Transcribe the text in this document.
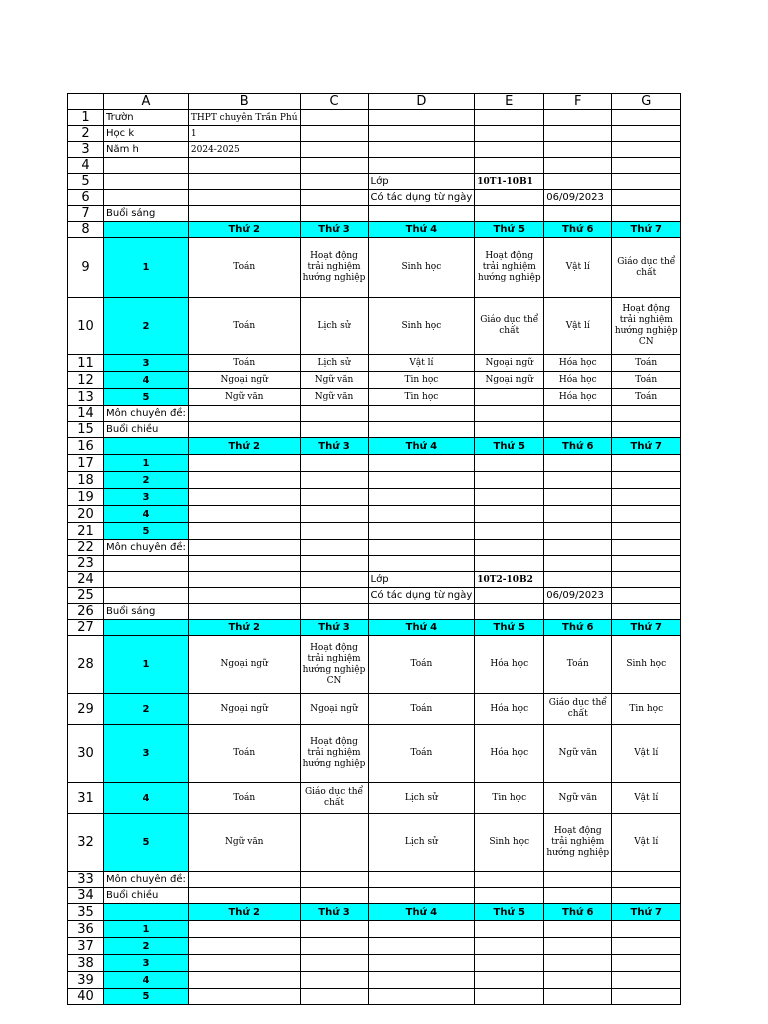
	A	B	C	D	E	F	G
1	Trườn	THPT chuyên Trần Phú					
2	Học k	1					
3	Năm h	2024-2025					
4							
5				Lớp	10T1-10B1		
6				Có tác dụng từ ngày		06/09/2023	
7	Buổi sáng						
8		Thứ 2	Thứ 3	Thứ 4	Thứ 5	Thứ 6	Thứ 7
9	1	Toán	Hoạt động trải nghiệm hướng nghiệp	Sinh học	Hoạt động trải nghiệm hướng nghiệp	Vật lí	Giáo dục thể chất
10	2	Toán	Lịch sử	Sinh học	Giáo dục thể chất	Vật lí	Hoạt động trải nghiệm hướng nghiệp CN
11	3	Toán	Lịch sử	Vật lí	Ngoại ngữ	Hóa học	Toán
12	4	Ngoại ngữ	Ngữ văn	Tin học	Ngoại ngữ	Hóa học	Toán
13	5	Ngữ văn	Ngữ văn	Tin học		Hóa học	Toán
14	Môn chuyên đề:						
15	Buổi chiều						
16		Thứ 2	Thứ 3	Thứ 4	Thứ 5	Thứ 6	Thứ 7
17	1						
18	2						
19	3						
20	4						
21	5						
22	Môn chuyên đề:						
23							
24				Lớp	10T2-10B2		
25				Có tác dụng từ ngày		06/09/2023	
26	Buổi sáng						
27		Thứ 2	Thứ 3	Thứ 4	Thứ 5	Thứ 6	Thứ 7
28	1	Ngoại ngữ	Hoạt động trải nghiệm hướng nghiệp CN	Toán	Hóa học	Toán	Sinh học
29	2	Ngoại ngữ	Ngoại ngữ	Toán	Hóa học	Giáo dục thể chất	Tin học
30	3	Toán	Hoạt động trải nghiệm hướng nghiệp	Toán	Hóa học	Ngữ văn	Vật lí
31	4	Toán	Giáo dục thể chất	Lịch sử	Tin học	Ngữ văn	Vật lí
32	5	Ngữ văn		Lịch sử	Sinh học	Hoạt động trải nghiệm hướng nghiệp	Vật lí
33	Môn chuyên đề:						
34	Buổi chiều						
35		Thứ 2	Thứ 3	Thứ 4	Thứ 5	Thứ 6	Thứ 7
36	1						
37	2						
38	3						
39	4						
40	5						
